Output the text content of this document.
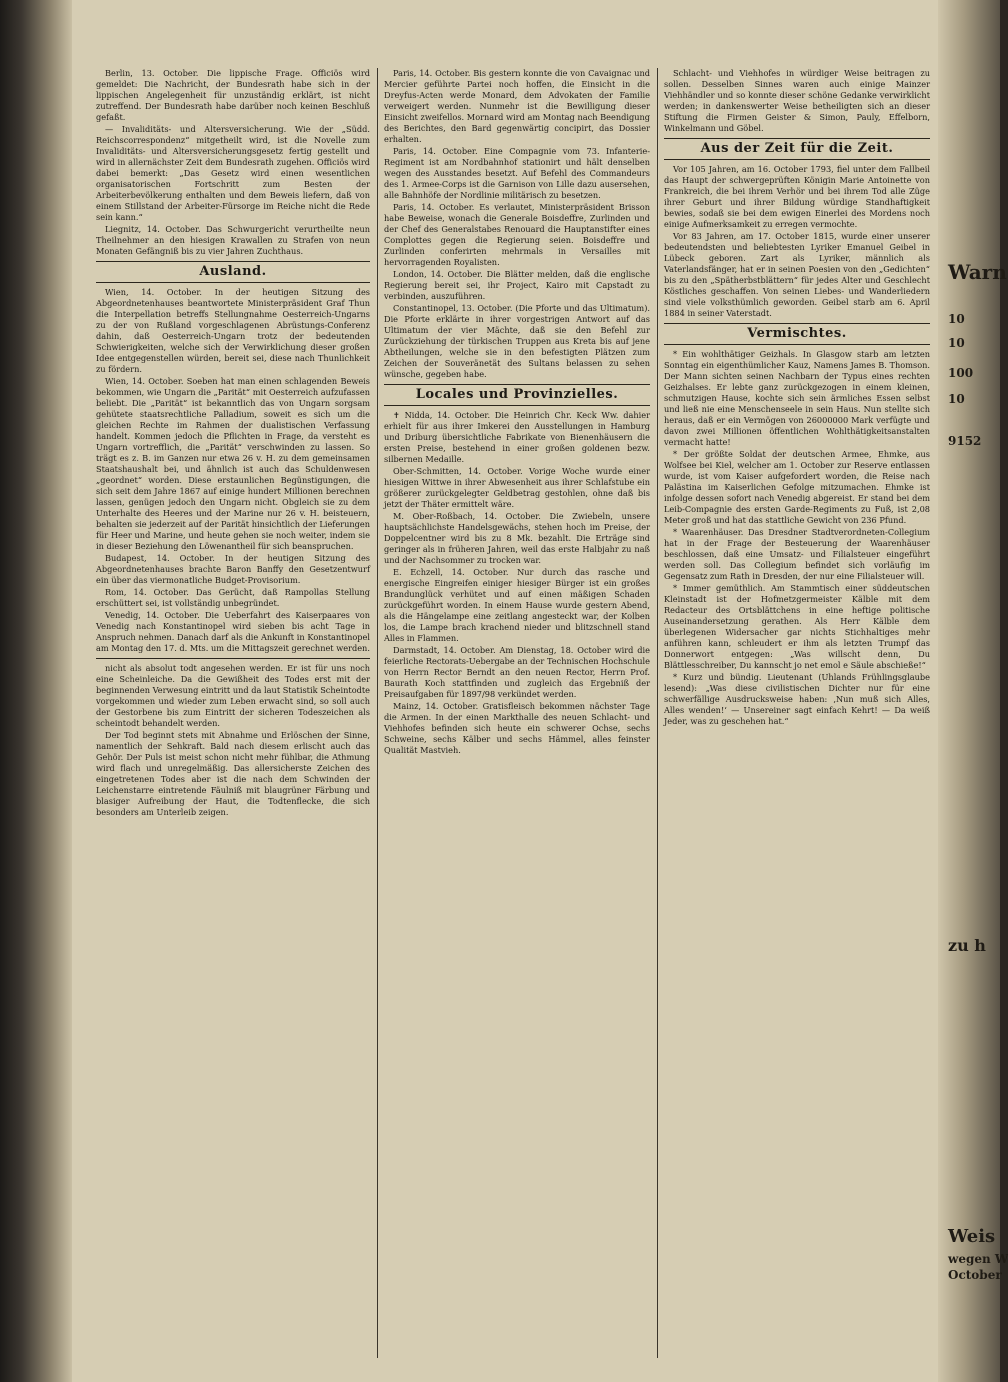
Berlin, 13. October. Die lippische Frage. Officiös wird gemeldet: Die Nachricht, der Bundesrath habe sich in der lippischen Angelegenheit für unzuständig erklärt, ist nicht zutreffend. Der Bundesrath habe darüber noch keinen Beschluß gefaßt.

— Invaliditäts- und Altersversicherung. Wie der „Südd. Reichscorrespondenz“ mitgetheilt wird, ist die Novelle zum Invaliditäts- und Altersversicherungsgesetz fertig gestellt und wird in allernächster Zeit dem Bundesrath zugehen. Officiös wird dabei bemerkt: „Das Gesetz wird einen wesentlichen organisatorischen Fortschritt zum Besten der Arbeiterbevölkerung enthalten und dem Beweis liefern, daß von einem Stillstand der Arbeiter-Fürsorge im Reiche nicht die Rede sein kann.“

Liegnitz, 14. October. Das Schwurgericht verurtheilte neun Theilnehmer an den hiesigen Krawallen zu Strafen von neun Monaten Gefängniß bis zu vier Jahren Zuchthaus.

Ausland.

Wien, 14. October. In der heutigen Sitzung des Abgeordnetenhauses beantwortete Ministerpräsident Graf Thun die Interpellation betreffs Stellungnahme Oesterreich-Ungarns zu der von Rußland vorgeschlagenen Abrüstungs-Conferenz dahin, daß Oesterreich-Ungarn trotz der bedeutenden Schwierigkeiten, welche sich der Verwirklichung dieser großen Idee entgegenstellen würden, bereit sei, diese nach Thunlichkeit zu fördern.

Wien, 14. October. Soeben hat man einen schlagenden Beweis bekommen, wie Ungarn die „Parität“ mit Oesterreich aufzufassen beliebt. Die „Parität“ ist bekanntlich das von Ungarn sorgsam gehütete staatsrechtliche Palladium, soweit es sich um die gleichen Rechte im Rahmen der dualistischen Verfassung handelt. Kommen jedoch die Pflichten in Frage, da versteht es Ungarn vortrefflich, die „Parität“ verschwinden zu lassen. So trägt es z. B. im Ganzen nur etwa 26 v. H. zu dem gemeinsamen Staatshaushalt bei, und ähnlich ist auch das Schuldenwesen „geordnet“ worden. Diese erstaunlichen Begünstigungen, die sich seit dem Jahre 1867 auf einige hundert Millionen berechnen lassen, genügen jedoch den Ungarn nicht. Obgleich sie zu dem Unterhalte des Heeres und der Marine nur 26 v. H. beisteuern, behalten sie jederzeit auf der Parität hinsichtlich der Lieferungen für Heer und Marine, und heute gehen sie noch weiter, indem sie in dieser Beziehung den Löwenantheil für sich beanspruchen.

Budapest, 14. October. In der heutigen Sitzung des Abgeordnetenhauses brachte Baron Banffy den Gesetzentwurf ein über das viermonatliche Budget-Provisorium.

Rom, 14. October. Das Gerücht, daß Rampollas Stellung erschüttert sei, ist vollständig unbegründet.

Venedig, 14. October. Die Ueberfahrt des Kaiserpaares von Venedig nach Konstantinopel wird sieben bis acht Tage in Anspruch nehmen. Danach darf als die Ankunft in Konstantinopel am Montag den 17. d. Mts. um die Mittagszeit gerechnet werden.

nicht als absolut todt angesehen werden. Er ist für uns noch eine Scheinleiche. Da die Gewißheit des Todes erst mit der beginnenden Verwesung eintritt und da laut Statistik Scheintodte vorgekommen und wieder zum Leben erwacht sind, so soll auch der Gestorbene bis zum Eintritt der sicheren Todeszeichen als scheintodt behandelt werden.

Der Tod beginnt stets mit Abnahme und Erlöschen der Sinne, namentlich der Sehkraft. Bald nach diesem erlischt auch das Gehör. Der Puls ist meist schon nicht mehr fühlbar, die Athmung wird flach und unregelmäßig. Das allersicherste Zeichen des eingetretenen Todes aber ist die nach dem Schwinden der Leichenstarre eintretende Fäulniß mit blaugrüner Färbung und blasiger Aufreibung der Haut, die Todtenflecke, die sich besonders am Unterleib zeigen.

Paris, 14. October. Bis gestern konnte die von Cavaignac und Mercier geführte Partei noch hoffen, die Einsicht in die Dreyfus-Acten werde Monard, dem Advokaten der Familie verweigert werden. Nunmehr ist die Bewilligung dieser Einsicht zweifellos. Mornard wird am Montag nach Beendigung des Berichtes, den Bard gegenwärtig concipirt, das Dossier erhalten.

Paris, 14. October. Eine Compagnie vom 73. Infanterie-Regiment ist am Nordbahnhof stationirt und hält denselben wegen des Ausstandes besetzt. Auf Befehl des Commandeurs des 1. Armee-Corps ist die Garnison von Lille dazu ausersehen, alle Bahnhöfe der Nordlinie militärisch zu besetzen.

Paris, 14. October. Es verlautet, Ministerpräsident Brisson habe Beweise, wonach die Generale Boisdeffre, Zurlinden und der Chef des Generalstabes Renouard die Hauptanstifter eines Complottes gegen die Regierung seien. Boisdeffre und Zurlinden conferirten mehrmals in Versailles mit hervorragenden Royalisten.

London, 14. October. Die Blätter melden, daß die englische Regierung bereit sei, ihr Project, Kairo mit Capstadt zu verbinden, auszuführen.

Constantinopel, 13. October. (Die Pforte und das Ultimatum). Die Pforte erklärte in ihrer vorgestrigen Antwort auf das Ultimatum der vier Mächte, daß sie den Befehl zur Zurückziehung der türkischen Truppen aus Kreta bis auf jene Abtheilungen, welche sie in den befestigten Plätzen zum Zeichen der Souveränetät des Sultans belassen zu sehen wünsche, gegeben habe.

Locales und Provinzielles.

✝ Nidda, 14. October. Die Heinrich Chr. Keck Ww. dahier erhielt für aus ihrer Imkerei den Ausstellungen in Hamburg und Driburg übersichtliche Fabrikate von Bienenhäusern die ersten Preise, bestehend in einer großen goldenen bezw. silbernen Medaille.

Ober-Schmitten, 14. October. Vorige Woche wurde einer hiesigen Wittwe in ihrer Abwesenheit aus ihrer Schlafstube ein größerer zurückgelegter Geldbetrag gestohlen, ohne daß bis jetzt der Thäter ermittelt wäre.

M. Ober-Roßbach, 14. October. Die Zwiebeln, unsere hauptsächlichste Handelsgewächs, stehen hoch im Preise, der Doppelcentner wird bis zu 8 Mk. bezahlt. Die Erträge sind geringer als in früheren Jahren, weil das erste Halbjahr zu naß und der Nachsommer zu trocken war.

E. Echzell, 14. October. Nur durch das rasche und energische Eingreifen einiger hiesiger Bürger ist ein großes Brandunglück verhütet und auf einen mäßigen Schaden zurückgeführt worden. In einem Hause wurde gestern Abend, als die Hängelampe eine zeitlang angesteckt war, der Kolben los, die Lampe brach krachend nieder und blitzschnell stand Alles in Flammen.

Darmstadt, 14. October. Am Dienstag, 18. October wird die feierliche Rectorats-Uebergabe an der Technischen Hochschule von Herrn Rector Berndt an den neuen Rector, Herrn Prof. Baurath Koch stattfinden und zugleich das Ergebniß der Preisaufgaben für 1897/98 verkündet werden.

Mainz, 14. October. Gratisfleisch bekommen nächster Tage die Armen. In der einen Markthalle des neuen Schlacht- und Viehhofes befinden sich heute ein schwerer Ochse, sechs Schweine, sechs Kälber und sechs Hämmel, alles feinster Qualität Mastvieh.

Schlacht- und Viehhofes in würdiger Weise beitragen zu sollen. Desselben Sinnes waren auch einige Mainzer Viehhändler und so konnte dieser schöne Gedanke verwirklicht werden; in dankenswerter Weise betheiligten sich an dieser Stiftung die Firmen Geister & Simon, Pauly, Effelborn, Winkelmann und Göbel.

Aus der Zeit für die Zeit.

Vor 105 Jahren, am 16. October 1793, fiel unter dem Fallbeil das Haupt der schwergeprüften Königin Marie Antoinette von Frankreich, die bei ihrem Verhör und bei ihrem Tod alle Züge ihrer Geburt und ihrer Bildung würdige Standhaftigkeit bewies, sodaß sie bei dem ewigen Einerlei des Mordens noch einige Aufmerksamkeit zu erregen vermochte.

Vor 83 Jahren, am 17. October 1815, wurde einer unserer bedeutendsten und beliebtesten Lyriker Emanuel Geibel in Lübeck geboren. Zart als Lyriker, männlich als Vaterlandsfänger, hat er in seinen Poesien von den „Gedichten“ bis zu den „Spätherbstblättern“ für jedes Alter und Geschlecht Köstliches geschaffen. Von seinen Liebes- und Wanderliedern sind viele volksthümlich geworden. Geibel starb am 6. April 1884 in seiner Vaterstadt.

Vermischtes.

* Ein wohlthätiger Geizhals. In Glasgow starb am letzten Sonntag ein eigenthümlicher Kauz, Namens James B. Thomson. Der Mann sichten seinen Nachbarn der Typus eines rechten Geizhalses. Er lebte ganz zurückgezogen in einem kleinen, schmutzigen Hause, kochte sich sein ärmliches Essen selbst und ließ nie eine Menschenseele in sein Haus. Nun stellte sich heraus, daß er ein Vermögen von 26000000 Mark verfügte und davon zwei Millionen öffentlichen Wohlthätigkeitsanstalten vermacht hatte!

* Der größte Soldat der deutschen Armee, Ehmke, aus Wolfsee bei Kiel, welcher am 1. October zur Reserve entlassen wurde, ist vom Kaiser aufgefordert worden, die Reise nach Palästina im Kaiserlichen Gefolge mitzumachen. Ehmke ist infolge dessen sofort nach Venedig abgereist. Er stand bei dem Leib-Compagnie des ersten Garde-Regiments zu Fuß, ist 2,08 Meter groß und hat das stattliche Gewicht von 236 Pfund.

* Waarenhäuser. Das Dresdner Stadtverordneten-Collegium hat in der Frage der Besteuerung der Waarenhäuser beschlossen, daß eine Umsatz- und Filialsteuer eingeführt werden soll. Das Collegium befindet sich vorläufig im Gegensatz zum Rath in Dresden, der nur eine Filialsteuer will.

* Immer gemüthlich. Am Stammtisch einer süddeutschen Kleinstadt ist der Hofmetzgermeister Kälble mit dem Redacteur des Ortsblättchens in eine heftige politische Auseinandersetzung gerathen. Als Herr Kälble dem überlegenen Widersacher gar nichts Stichhaltiges mehr anführen kann, schleudert er ihm als letzten Trumpf das Donnerwort entgegen: „Was willscht denn, Du Blättlesschreiber, Du kannscht jo net emol e Säule abschieße!“

* Kurz und bündig. Lieutenant (Uhlands Frühlingsglaube lesend): „Was diese civilistischen Dichter nur für eine schwerfällige Ausdrucksweise haben: ‚Nun muß sich Alles, Alles wenden!‘ — Unsereiner sagt einfach Kehrt! — Da weiß Jeder, was zu geschehen hat.“

Warn
10
10
100
10
9152
zu h
Weis
wegen W
October
